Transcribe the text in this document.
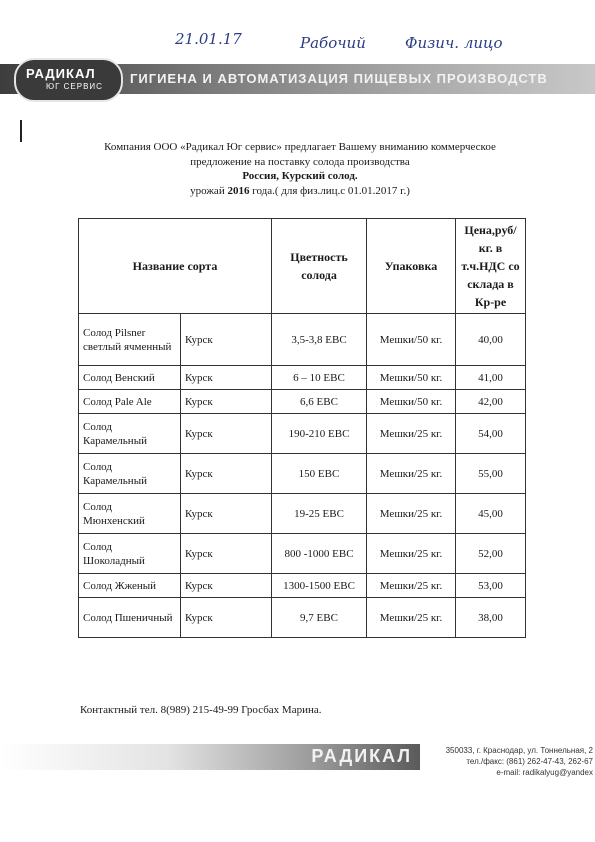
21.01.17	Рабочий	Физич. лицо
ГИГИЕНА И АВТОМАТИЗАЦИЯ ПИЩЕВЫХ ПРОИЗВОДСТВ
РАДИКАЛ
ЮГ СЕРВИС
Компания ООО «Радикал Юг сервис» предлагает Вашему вниманию коммерческое
предложение на поставку солода производства
Россия, Курский солод.
урожай 2016 года.( для физ.лиц.с 01.01.2017 г.)
Название сорта		Цветность солода	Упаковка	Цена,руб/кг. в т.ч.НДС со склада в Кр-ре
Солод Pilsner светлый ячменный	Курск	3,5-3,8 EBC	Мешки/50 кг.	40,00
Солод Венский	Курск	6 – 10 EBC	Мешки/50 кг.	41,00
Солод Pale Ale	Курск	6,6 EBC	Мешки/50 кг.	42,00
Солод Карамельный	Курск	190-210 EBC	Мешки/25 кг.	54,00
Солод Карамельный	Курск	150 EBC	Мешки/25 кг.	55,00
Солод Мюнхенский	Курск	19-25 EBC	Мешки/25 кг.	45,00
Солод Шоколадный	Курск	800 -1000 EBC	Мешки/25 кг.	52,00
Солод Жженый	Курск	1300-1500 EBC	Мешки/25 кг.	53,00
Солод Пшеничный	Курск	9,7 EBC	Мешки/25 кг.	38,00
Контактный тел. 8(989) 215-49-99 Гросбах Марина.
РАДИКАЛ	350033, г. Краснодар, ул. Тоннельная, 2
тел./факс: (861) 262-47-43, 262-67
e-mail: radikalyug@yandex
